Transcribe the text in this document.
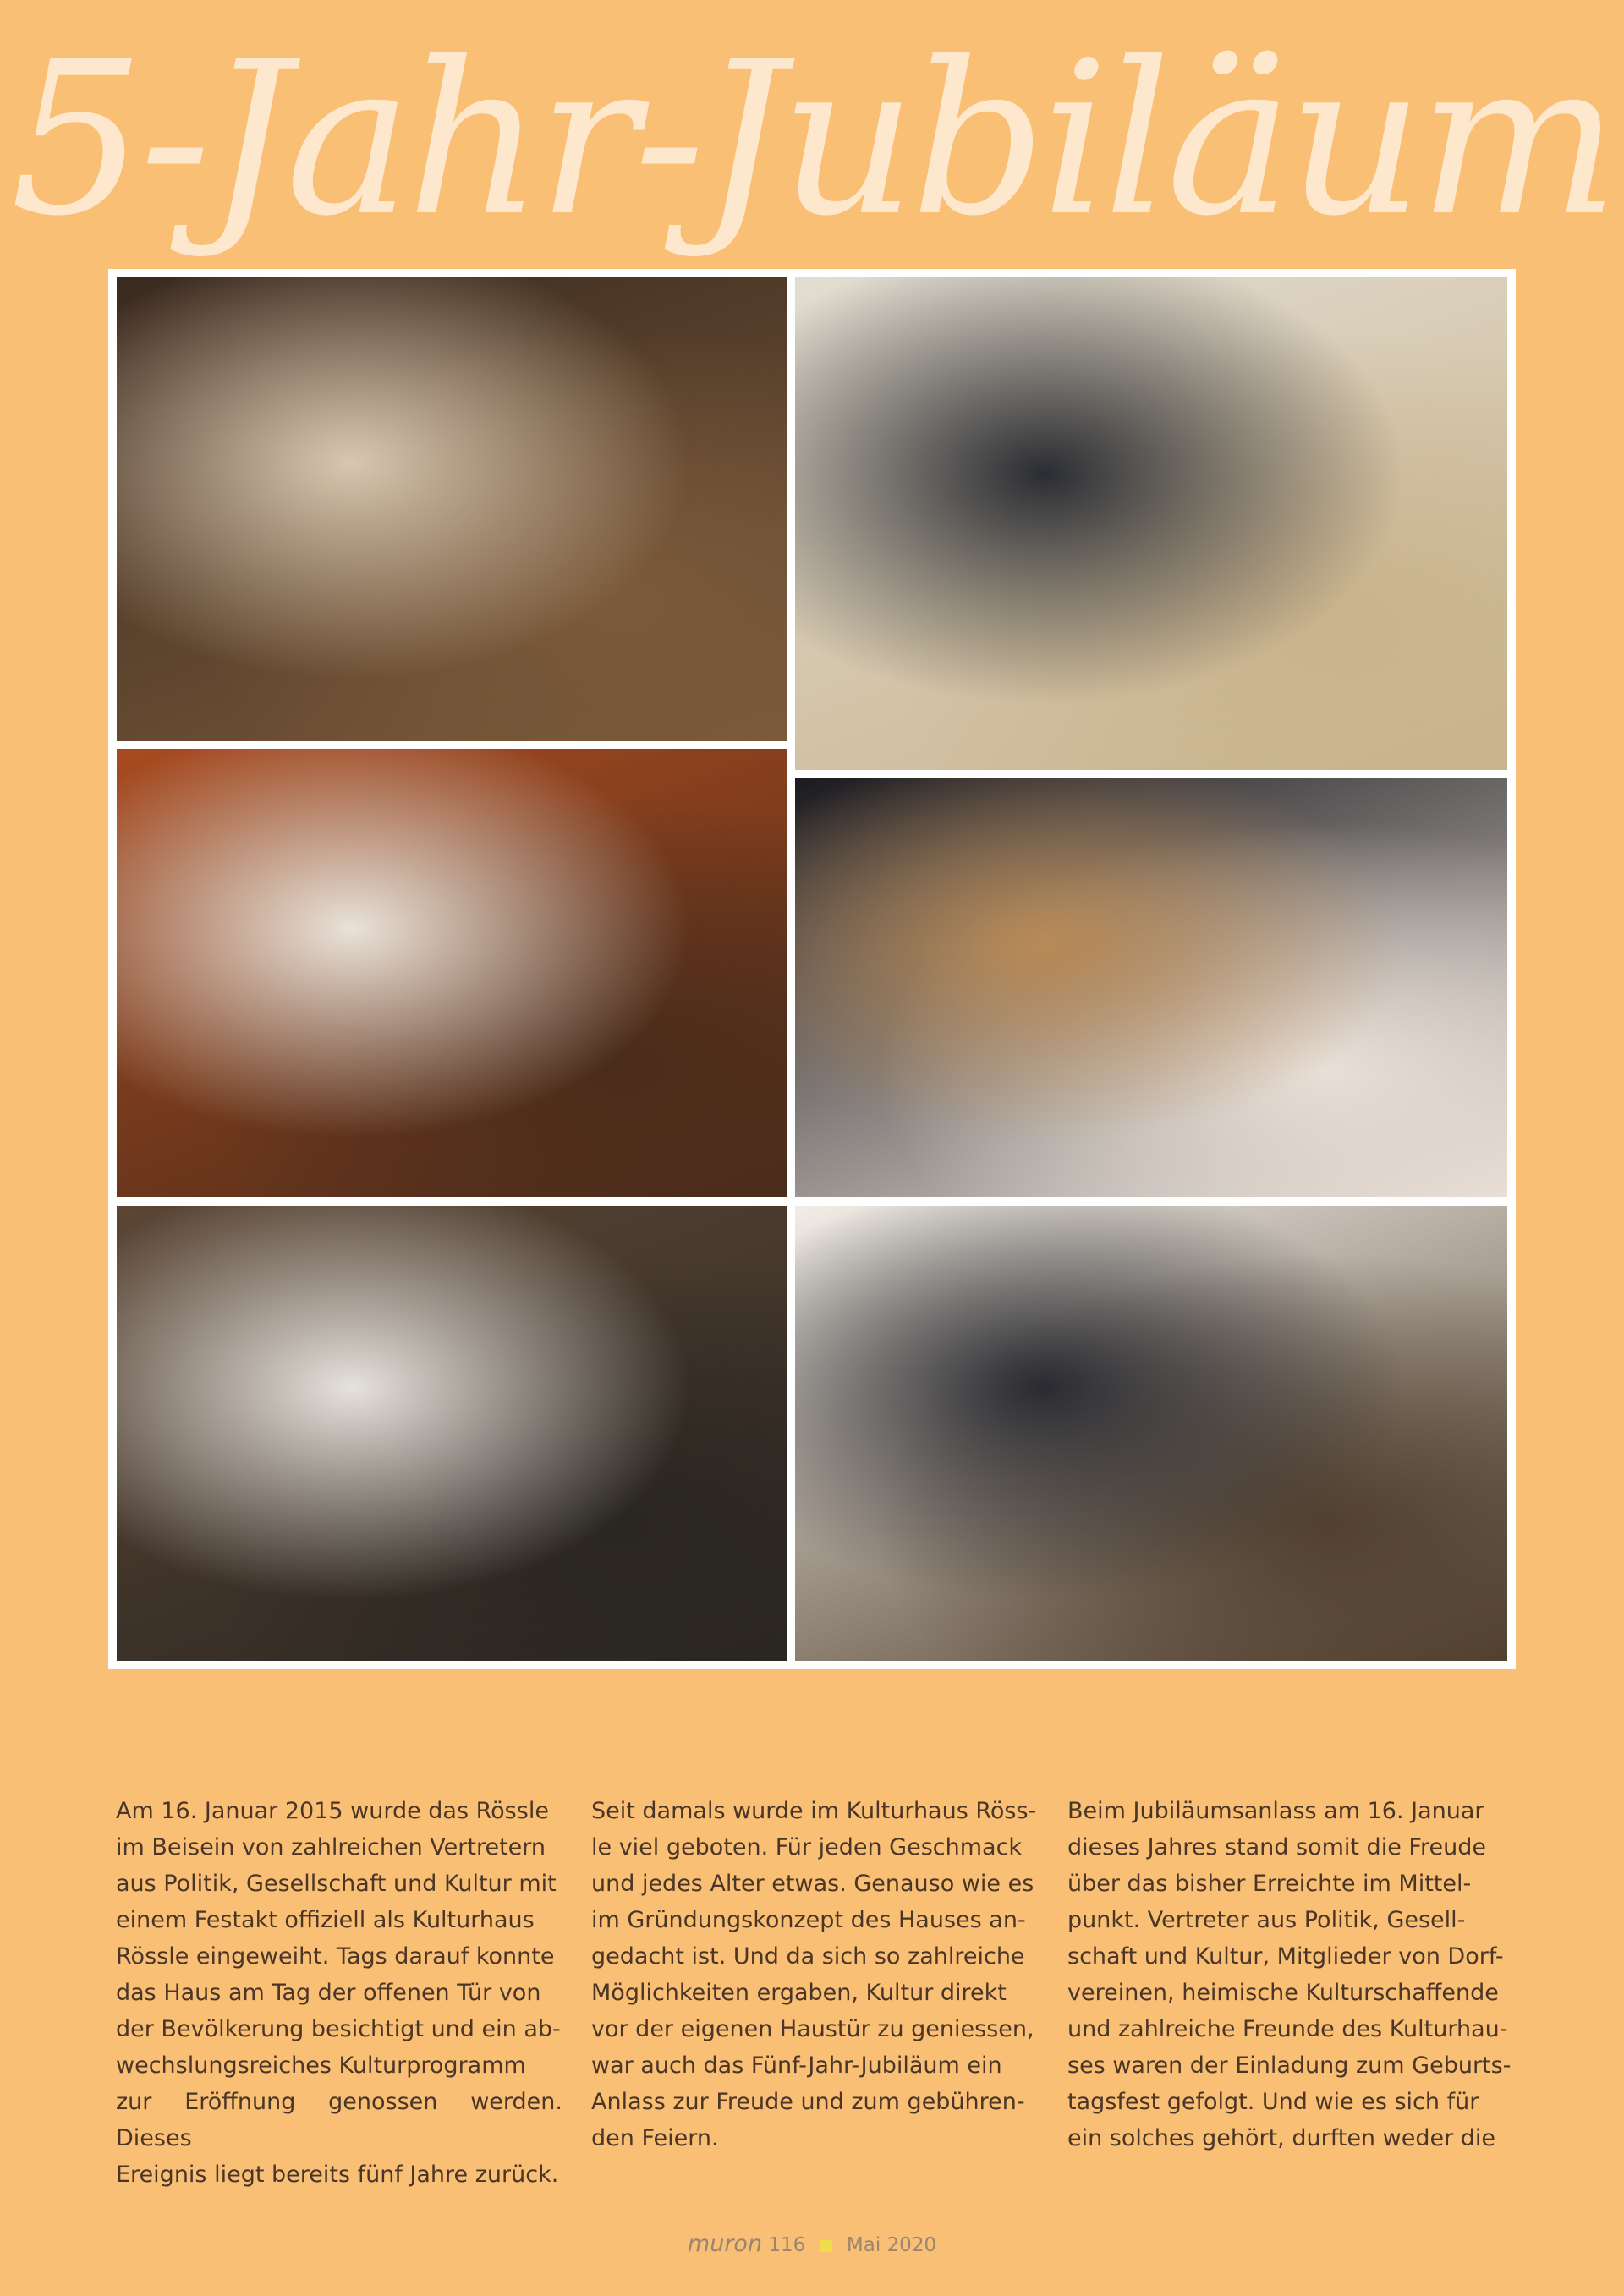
5-Jahr-Jubiläum
Am 16. Januar 2015 wurde das Rössle
im Beisein von zahlreichen Vertretern
aus Politik, Gesellschaft und Kultur mit
einem Festakt offiziell als Kulturhaus
Rössle eingeweiht. Tags darauf konnte
das Haus am Tag der offenen Tür von
der Bevölkerung besichtigt und ein ab-
wechslungsreiches Kulturprogramm
zur Eröffnung genossen werden. Dieses
Ereignis liegt bereits fünf Jahre zurück.
Seit damals wurde im Kulturhaus Röss-
le viel geboten. Für jeden Geschmack
und jedes Alter etwas. Genauso wie es
im Gründungskonzept des Hauses an-
gedacht ist. Und da sich so zahlreiche
Möglichkeiten ergaben, Kultur direkt
vor der eigenen Haustür zu geniessen,
war auch das Fünf-Jahr-Jubiläum ein
Anlass zur Freude und zum gebühren-
den Feiern.
Beim Jubiläumsanlass am 16. Januar
dieses Jahres stand somit die Freude
über das bisher Erreichte im Mittel-
punkt. Vertreter aus Politik, Gesell-
schaft und Kultur, Mitglieder von Dorf-
vereinen, heimische Kulturschaffende
und zahlreiche Freunde des Kulturhau-
ses waren der Einladung zum Geburts-
tagsfest gefolgt. Und wie es sich für
ein solches gehört, durften weder die
muron 116 Mai 2020
